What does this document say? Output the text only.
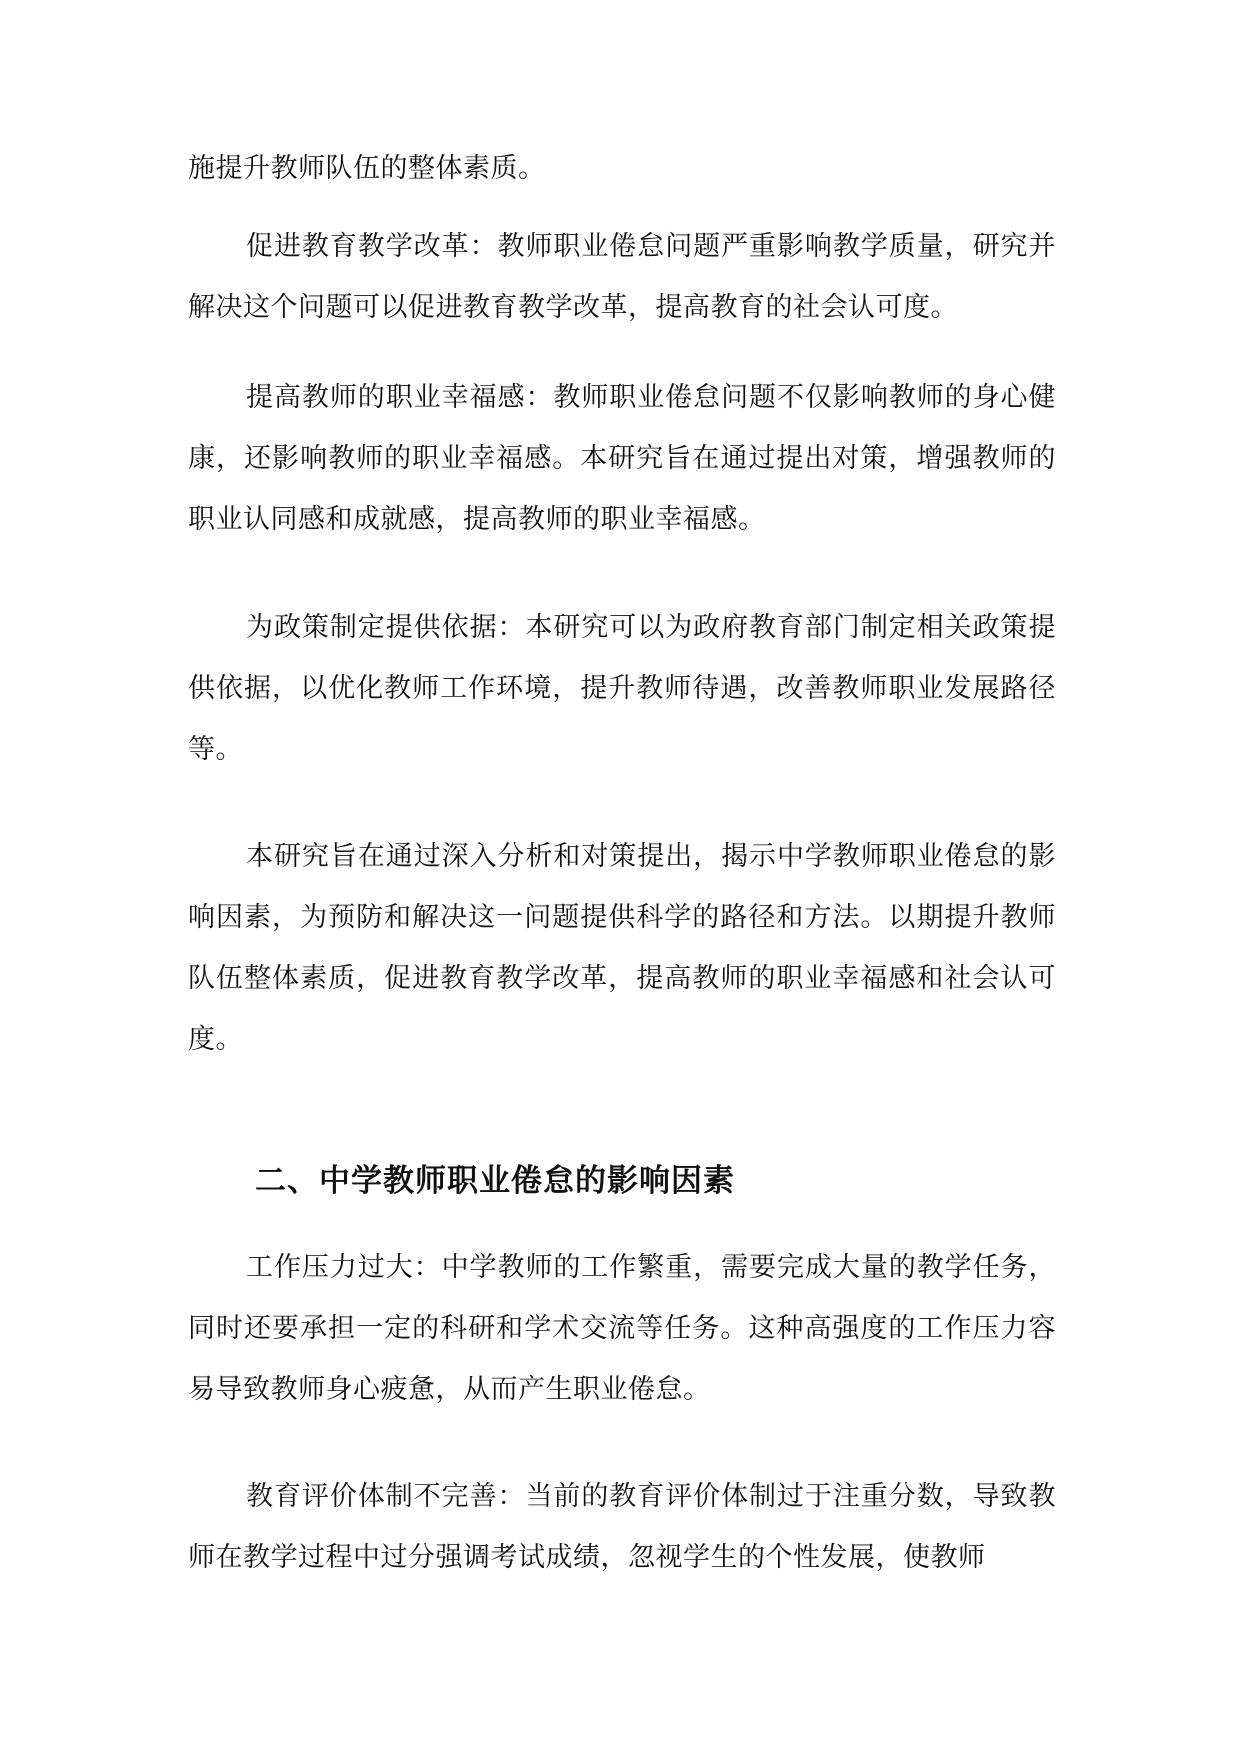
施提升教师队伍的整体素质。

促进教育教学改革：教师职业倦怠问题严重影响教学质量，研究并解决这个问题可以促进教育教学改革，提高教育的社会认可度。

提高教师的职业幸福感：教师职业倦怠问题不仅影响教师的身心健康，还影响教师的职业幸福感。本研究旨在通过提出对策，增强教师的职业认同感和成就感，提高教师的职业幸福感。

为政策制定提供依据：本研究可以为政府教育部门制定相关政策提供依据，以优化教师工作环境，提升教师待遇，改善教师职业发展路径等。

本研究旨在通过深入分析和对策提出，揭示中学教师职业倦怠的影响因素，为预防和解决这一问题提供科学的路径和方法。以期提升教师队伍整体素质，促进教育教学改革，提高教师的职业幸福感和社会认可度。

二、中学教师职业倦怠的影响因素

工作压力过大：中学教师的工作繁重，需要完成大量的教学任务，同时还要承担一定的科研和学术交流等任务。这种高强度的工作压力容易导致教师身心疲惫，从而产生职业倦怠。

教育评价体制不完善：当前的教育评价体制过于注重分数，导致教师在教学过程中过分强调考试成绩，忽视学生的个性发展，使教师
